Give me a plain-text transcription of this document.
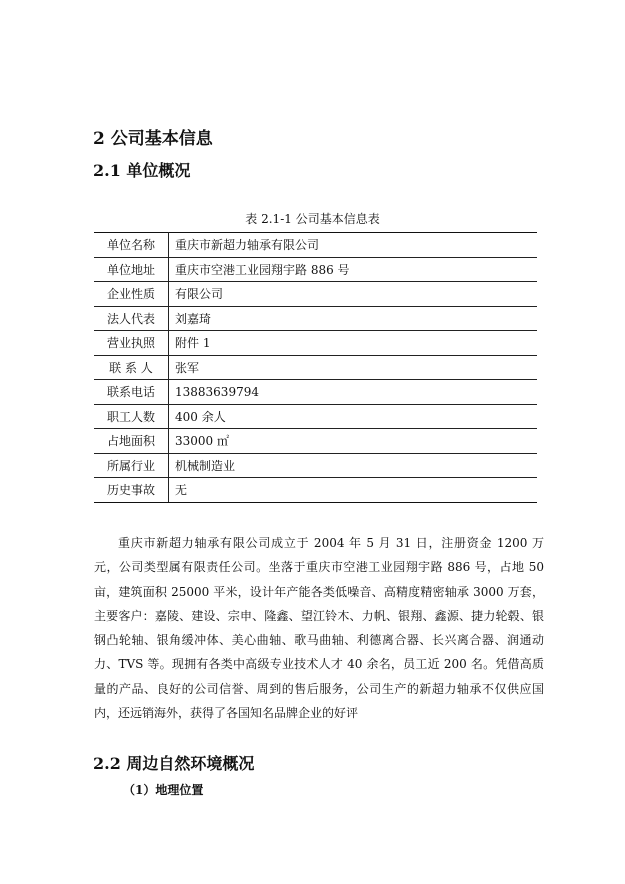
2 公司基本信息
2.1 单位概况
表 2.1-1 公司基本信息表
单位名称	重庆市新超力轴承有限公司
单位地址	重庆市空港工业园翔宇路 886 号
企业性质	有限公司
法人代表	刘嘉琦
营业执照	附件 1
联 系 人	张军
联系电话	13883639794
职工人数	400 余人
占地面积	33000 ㎡
所属行业	机械制造业
历史事故	无

重庆市新超力轴承有限公司成立于 2004 年 5 月 31 日，注册资金 1200 万元，公司类型属有限责任公司。坐落于重庆市空港工业园翔宇路 886 号，占地 50 亩，建筑面积 25000 平米，设计年产能各类低噪音、高精度精密轴承 3000 万套，主要客户：嘉陵、建设、宗申、隆鑫、望江铃木、力帆、银翔、鑫源、捷力轮毂、银钢凸轮轴、银角缓冲体、美心曲轴、歌马曲轴、利德离合器、长兴离合器、润通动力、TVS 等。现拥有各类中高级专业技术人才 40 余名，员工近 200 名。凭借高质量的产品、良好的公司信誉、周到的售后服务，公司生产的新超力轴承不仅供应国内，还远销海外，获得了各国知名品牌企业的好评

2.2 周边自然环境概况
（1）地理位置
